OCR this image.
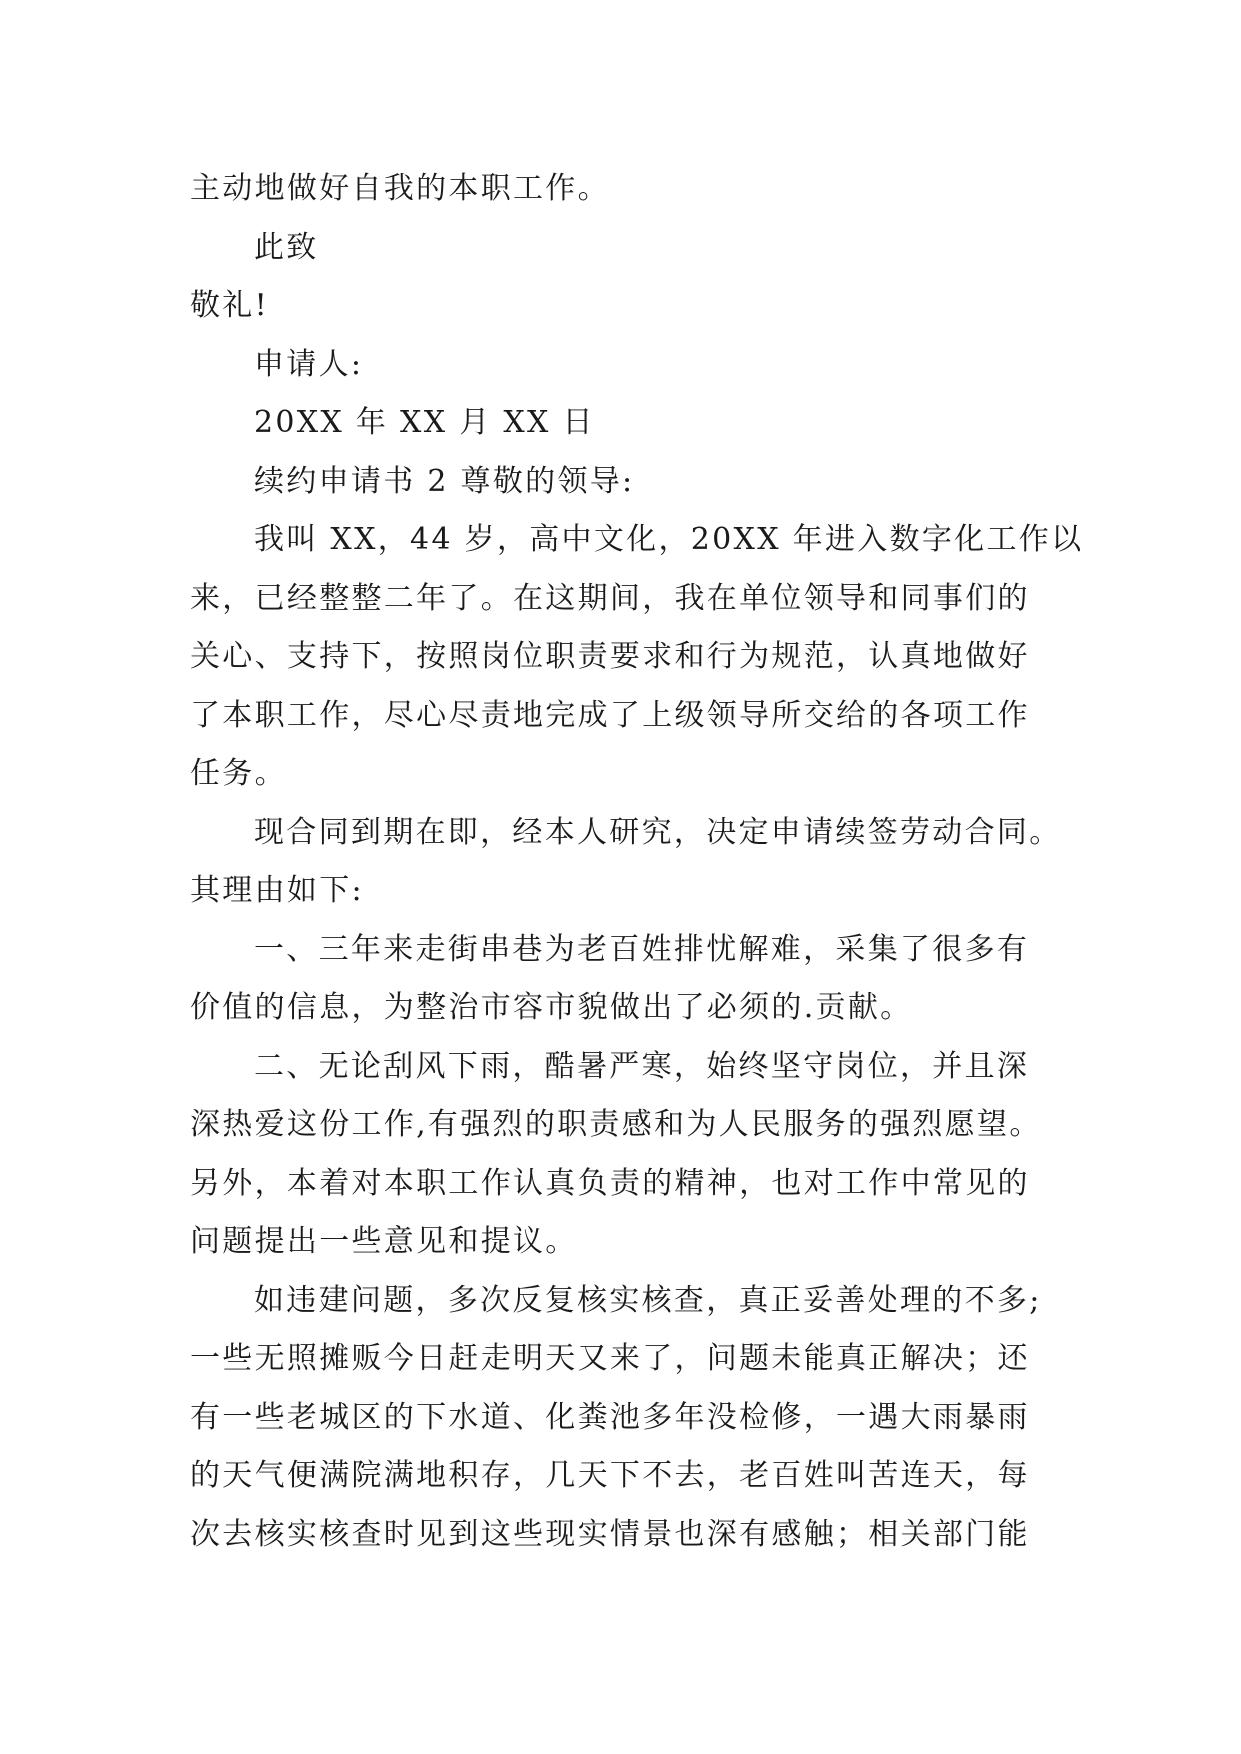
主动地做好自我的本职工作。
此致
敬礼!
申请人:
20XX 年 XX 月 XX 日
续约申请书 2 尊敬的领导:
我叫 XX，44 岁，高中文化，20XX 年进入数字化工作以
来，已经整整二年了。在这期间，我在单位领导和同事们的
关心、支持下，按照岗位职责要求和行为规范，认真地做好
了本职工作，尽心尽责地完成了上级领导所交给的各项工作
任务。
现合同到期在即，经本人研究，决定申请续签劳动合同。
其理由如下:
一、三年来走街串巷为老百姓排忧解难，采集了很多有
价值的信息，为整治市容市貌做出了必须的.贡献。
二、无论刮风下雨，酷暑严寒，始终坚守岗位，并且深
深热爱这份工作,有强烈的职责感和为人民服务的强烈愿望。
另外，本着对本职工作认真负责的精神，也对工作中常见的
问题提出一些意见和提议。
如违建问题，多次反复核实核查，真正妥善处理的不多;
一些无照摊贩今日赶走明天又来了，问题未能真正解决；还
有一些老城区的下水道、化粪池多年没检修，一遇大雨暴雨
的天气便满院满地积存，几天下不去，老百姓叫苦连天，每
次去核实核查时见到这些现实情景也深有感触；相关部门能
